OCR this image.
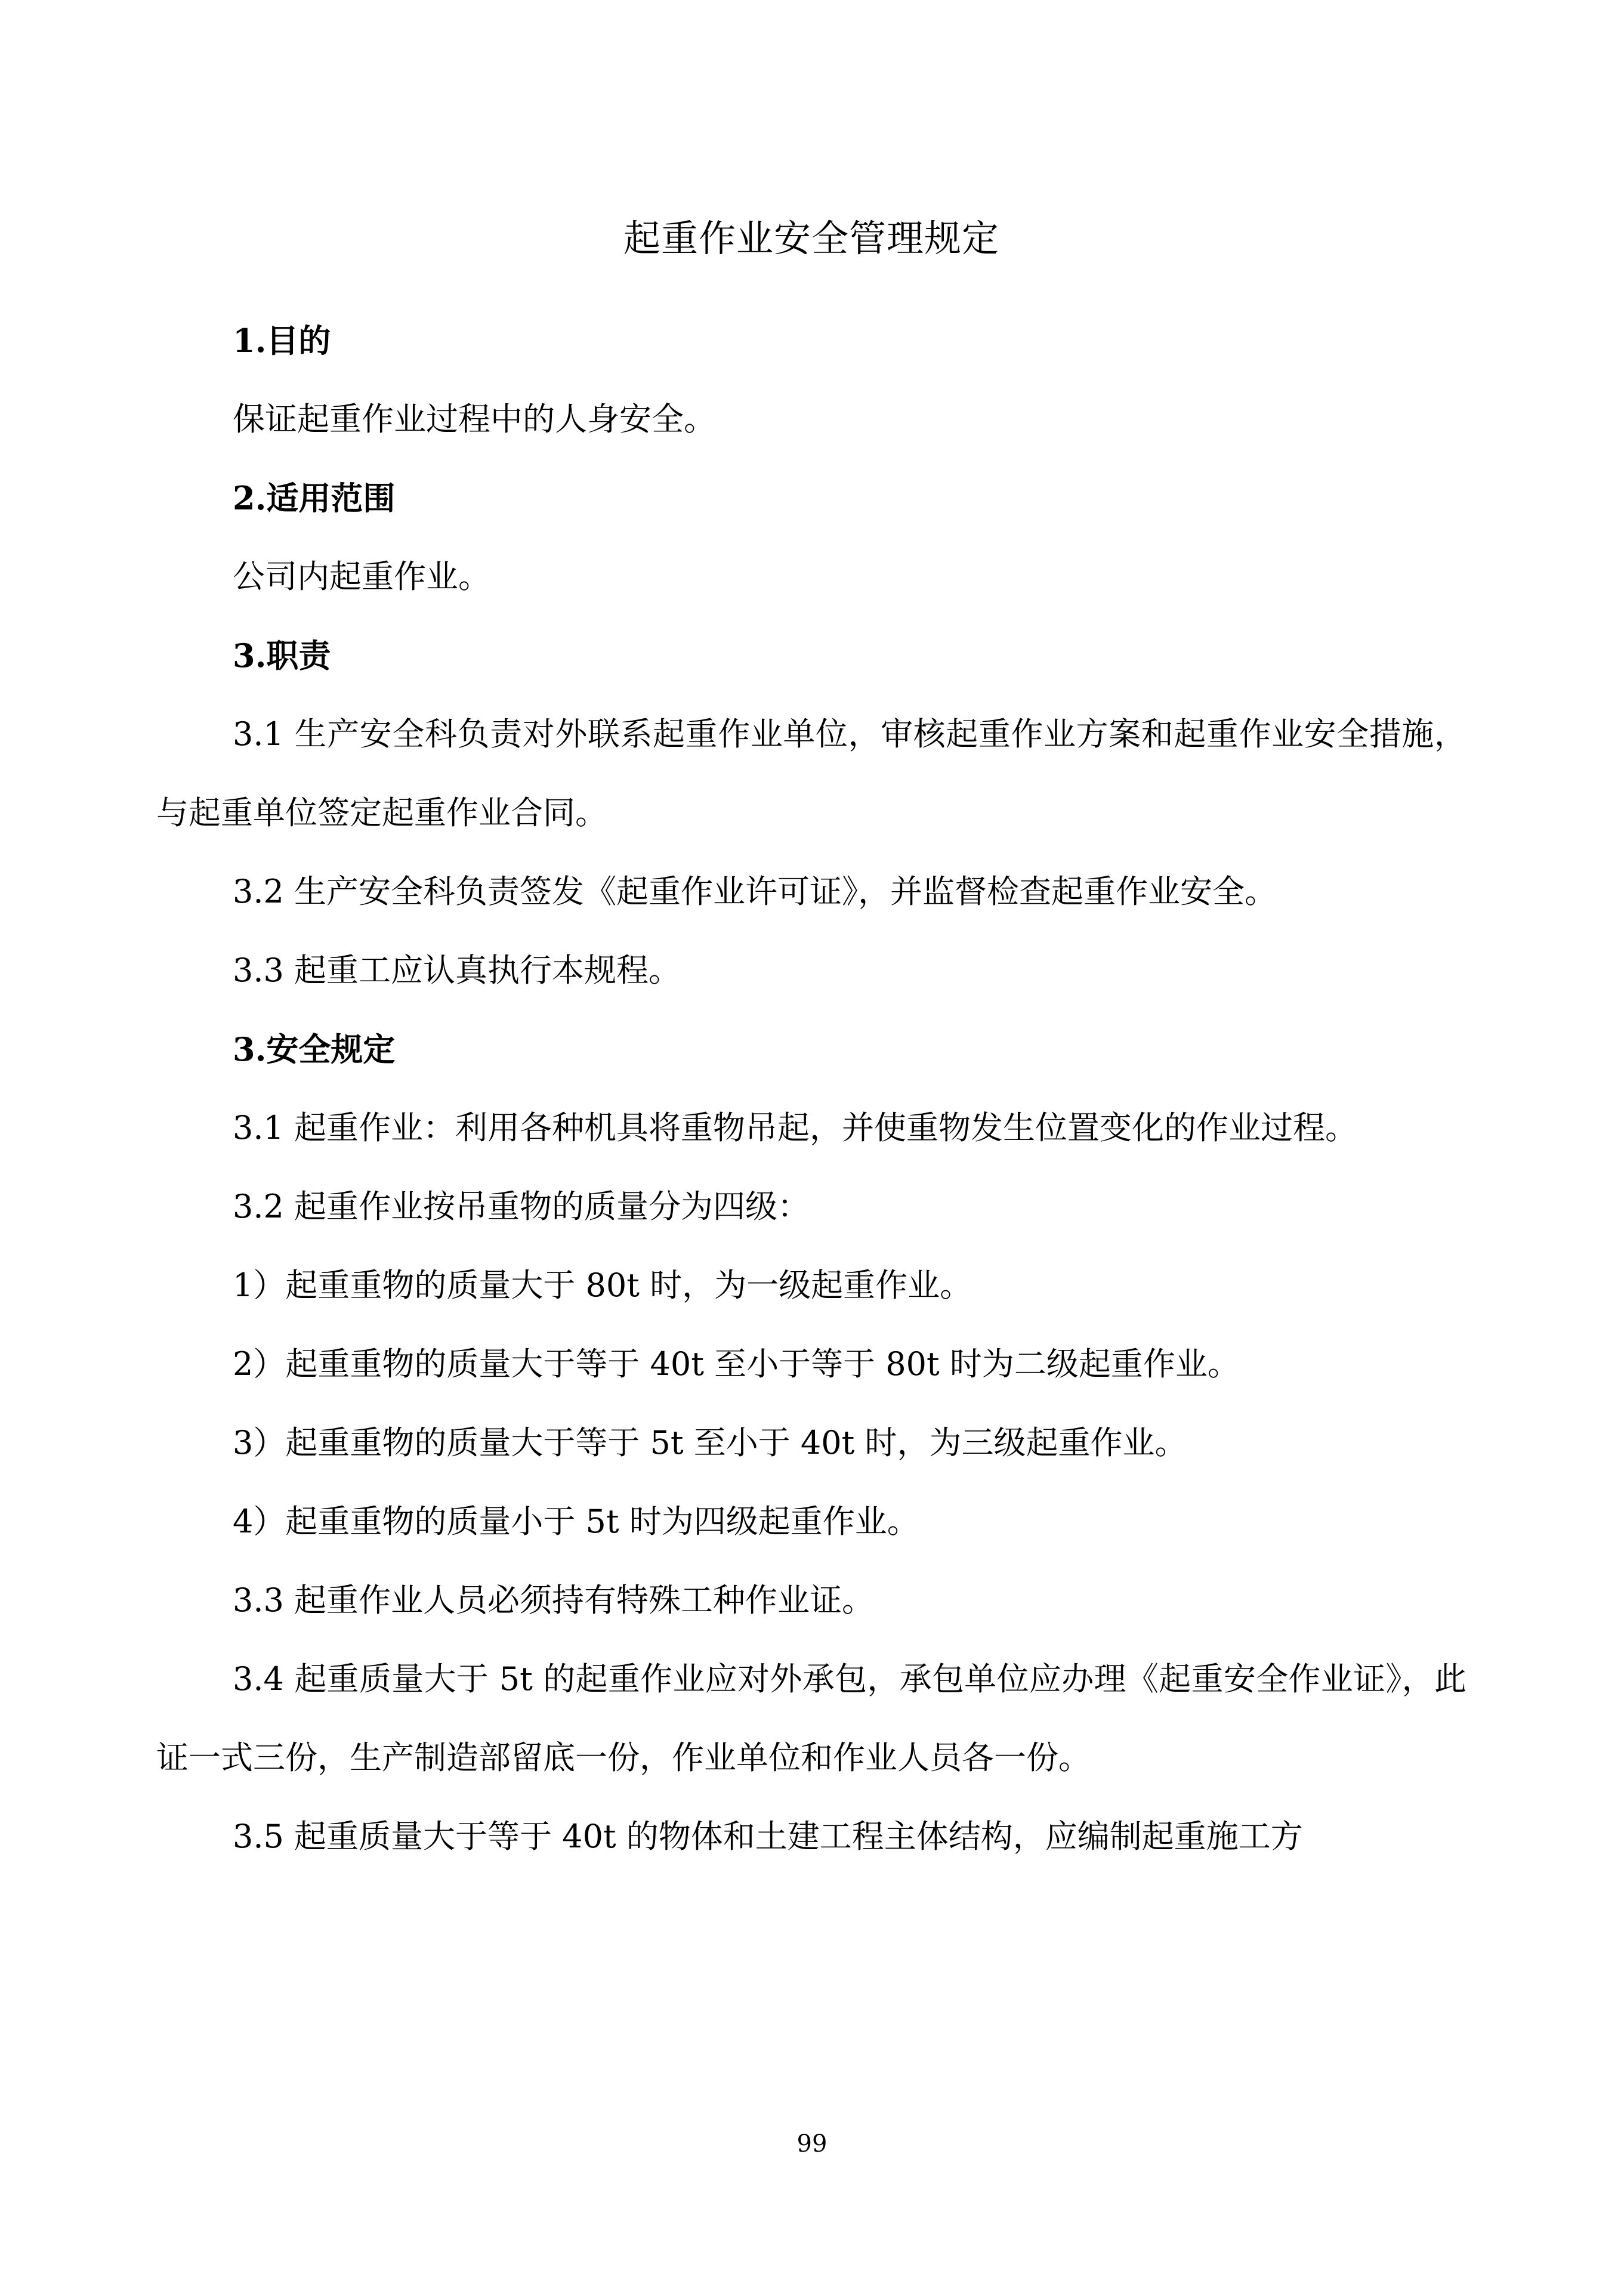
起重作业安全管理规定

1.目的

保证起重作业过程中的人身安全。

2.适用范围

公司内起重作业。

3.职责

3.1 生产安全科负责对外联系起重作业单位，审核起重作业方案和起重作业安全措施，与起重单位签定起重作业合同。

3.2 生产安全科负责签发《起重作业许可证》，并监督检查起重作业安全。

3.3 起重工应认真执行本规程。

3.安全规定

3.1 起重作业：利用各种机具将重物吊起，并使重物发生位置变化的作业过程。

3.2 起重作业按吊重物的质量分为四级：

1）起重重物的质量大于 80t 时，为一级起重作业。

2）起重重物的质量大于等于 40t 至小于等于 80t 时为二级起重作业。

3）起重重物的质量大于等于 5t 至小于 40t 时，为三级起重作业。

4）起重重物的质量小于 5t 时为四级起重作业。

3.3 起重作业人员必须持有特殊工种作业证。

3.4 起重质量大于 5t 的起重作业应对外承包，承包单位应办理《起重安全作业证》，此证一式三份，生产制造部留底一份，作业单位和作业人员各一份。

3.5 起重质量大于等于 40t 的物体和土建工程主体结构，应编制起重施工方

99
